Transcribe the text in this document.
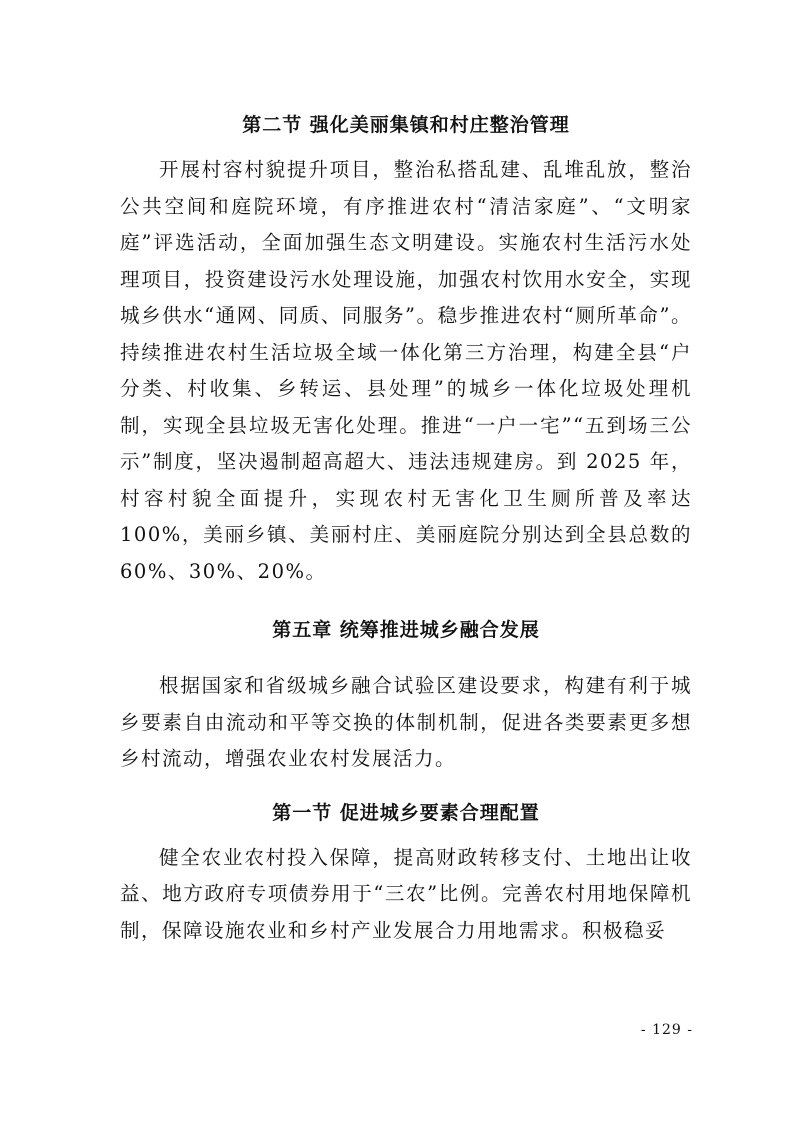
第二节 强化美丽集镇和村庄整治管理

开展村容村貌提升项目，整治私搭乱建、乱堆乱放，整治公共空间和庭院环境，有序推进农村“清洁家庭”、“文明家庭”评选活动，全面加强生态文明建设。实施农村生活污水处理项目，投资建设污水处理设施，加强农村饮用水安全，实现城乡供水“通网、同质、同服务”。稳步推进农村“厕所革命”。持续推进农村生活垃圾全域一体化第三方治理，构建全县“户分类、村收集、乡转运、县处理”的城乡一体化垃圾处理机制，实现全县垃圾无害化处理。推进“一户一宅”“五到场三公示”制度，坚决遏制超高超大、违法违规建房。到 2025 年，村容村貌全面提升，实现农村无害化卫生厕所普及率达 100%，美丽乡镇、美丽村庄、美丽庭院分别达到全县总数的 60%、30%、20%。

第五章 统筹推进城乡融合发展

根据国家和省级城乡融合试验区建设要求，构建有利于城乡要素自由流动和平等交换的体制机制，促进各类要素更多想乡村流动，增强农业农村发展活力。

第一节 促进城乡要素合理配置

健全农业农村投入保障，提高财政转移支付、土地出让收益、地方政府专项债券用于“三农”比例。完善农村用地保障机制，保障设施农业和乡村产业发展合力用地需求。积极稳妥

- 129 -
